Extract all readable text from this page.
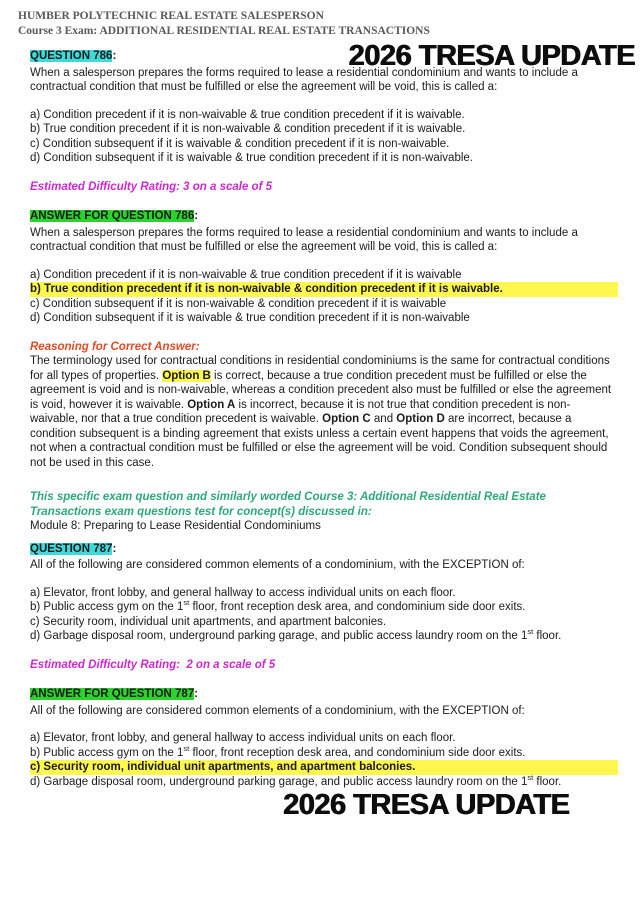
HUMBER POLYTECHNIC REAL ESTATE SALESPERSON
Course 3 Exam: ADDITIONAL RESIDENTIAL REAL ESTATE TRANSACTIONS
2026 TRESA UPDATE
QUESTION 786:

When a salesperson prepares the forms required to lease a residential condominium and wants to include a contractual condition that must be fulfilled or else the agreement will be void, this is called a:

a) Condition precedent if it is non-waivable & true condition precedent if it is waivable.
b) True condition precedent if it is non-waivable & condition precedent if it is waivable.
c) Condition subsequent if it is waivable & condition precedent if it is non-waivable.
d) Condition subsequent if it is waivable & true condition precedent if it is non-waivable.
Estimated Difficulty Rating: 3 on a scale of 5
ANSWER FOR QUESTION 786:

When a salesperson prepares the forms required to lease a residential condominium and wants to include a contractual condition that must be fulfilled or else the agreement will be void, this is called a:

a) Condition precedent if it is non-waivable & true condition precedent if it is waivable
b) True condition precedent if it is non-waivable & condition precedent if it is waivable.
c) Condition subsequent if it is non-waivable & condition precedent if it is waivable
d) Condition subsequent if it is waivable & true condition precedent if it is non-waivable
Reasoning for Correct Answer:

The terminology used for contractual conditions in residential condominiums is the same for contractual conditions for all types of properties. Option B is correct, because a true condition precedent must be fulfilled or else the agreement is void and is non-waivable, whereas a condition precedent also must be fulfilled or else the agreement is void, however it is waivable. Option A is incorrect, because it is not true that condition precedent is non-waivable, nor that a true condition precedent is waivable. Option C and Option D are incorrect, because a condition subsequent is a binding agreement that exists unless a certain event happens that voids the agreement, not when a contractual condition must be fulfilled or else the agreement will be void. Condition subsequent should not be used in this case.

This specific exam question and similarly worded Course 3: Additional Residential Real Estate Transactions exam questions test for concept(s) discussed in:

Module 8: Preparing to Lease Residential Condominiums

QUESTION 787:

All of the following are considered common elements of a condominium, with the EXCEPTION of:

a) Elevator, front lobby, and general hallway to access individual units on each floor.
b) Public access gym on the 1st floor, front reception desk area, and condominium side door exits.
c) Security room, individual unit apartments, and apartment balconies.
d) Garbage disposal room, underground parking garage, and public access laundry room on the 1st floor.
Estimated Difficulty Rating:  2 on a scale of 5
ANSWER FOR QUESTION 787:

All of the following are considered common elements of a condominium, with the EXCEPTION of:

a) Elevator, front lobby, and general hallway to access individual units on each floor.
b) Public access gym on the 1st floor, front reception desk area, and condominium side door exits.
c) Security room, individual unit apartments, and apartment balconies.
d) Garbage disposal room, underground parking garage, and public access laundry room on the 1st floor.
2026 TRESA UPDATE
